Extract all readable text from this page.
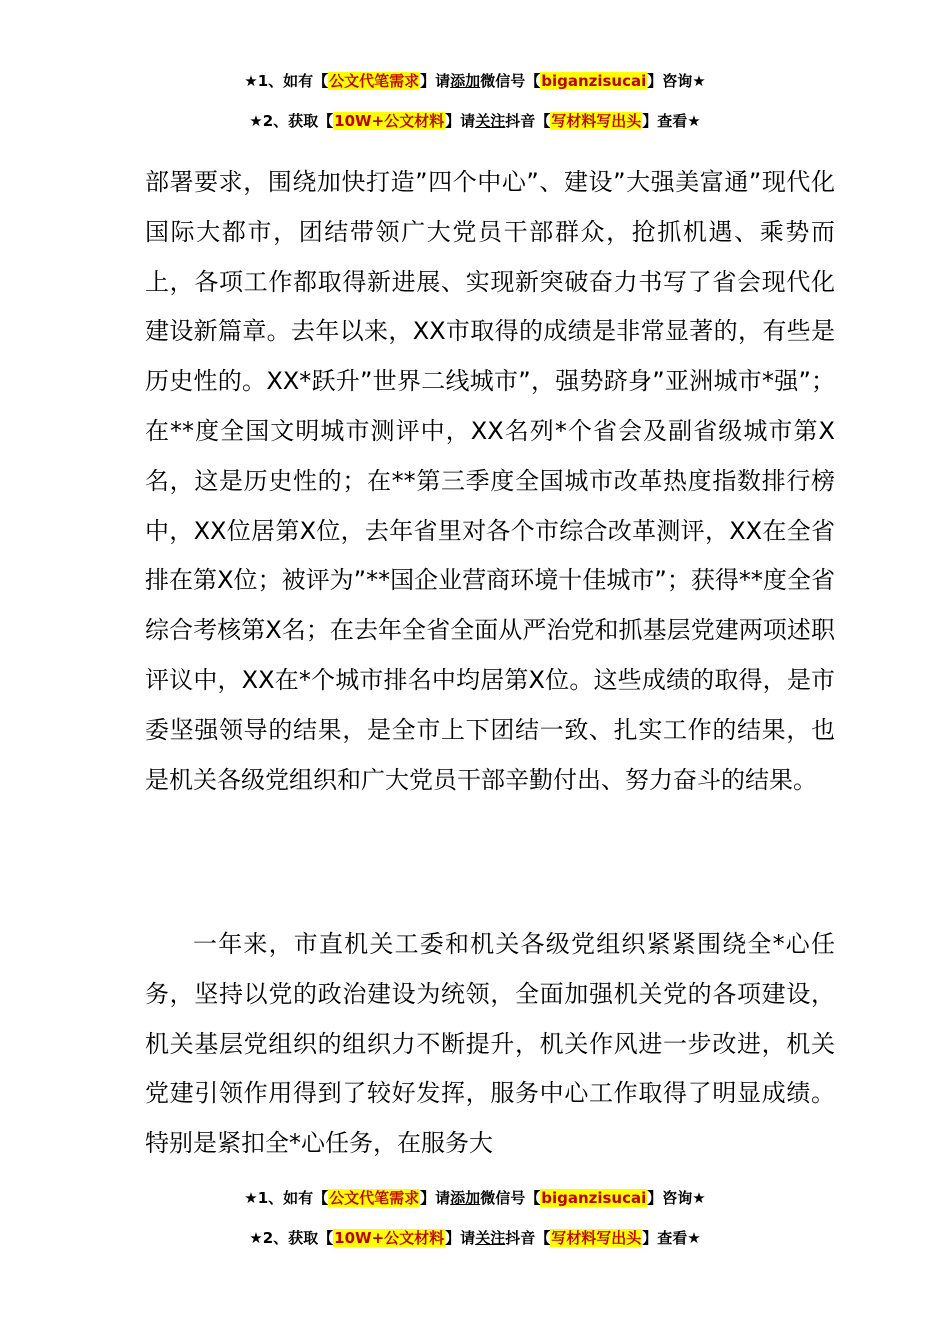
★1、如有【公文代笔需求】请添加微信号【biganzisucai】咨询★
★2、获取【10W+公文材料】请关注抖音【写材料写出头】查看★
部署要求，围绕加快打造”四个中心”、建设”大强美富通”现代化国际大都市，团结带领广大党员干部群众，抢抓机遇、乘势而上，各项工作都取得新进展、实现新突破奋力书写了省会现代化建设新篇章。去年以来，XX市取得的成绩是非常显著的，有些是历史性的。XX*跃升”世界二线城市”，强势跻身”亚洲城市*强”；在**度全国文明城市测评中，XX名列*个省会及副省级城市第X名，这是历史性的；在**第三季度全国城市改革热度指数排行榜中，XX位居第X位，去年省里对各个市综合改革测评，XX在全省排在第X位；被评为”**国企业营商环境十佳城市”；获得**度全省综合考核第X名；在去年全省全面从严治党和抓基层党建两项述职评议中，XX在*个城市排名中均居第X位。这些成绩的取得，是市委坚强领导的结果，是全市上下团结一致、扎实工作的结果，也是机关各级党组织和广大党员干部辛勤付出、努力奋斗的结果。
一年来，市直机关工委和机关各级党组织紧紧围绕全*心任务，坚持以党的政治建设为统领，全面加强机关党的各项建设，机关基层党组织的组织力不断提升，机关作风进一步改进，机关党建引领作用得到了较好发挥，服务中心工作取得了明显成绩。特别是紧扣全*心任务，在服务大
★1、如有【公文代笔需求】请添加微信号【biganzisucai】咨询★
★2、获取【10W+公文材料】请关注抖音【写材料写出头】查看★
